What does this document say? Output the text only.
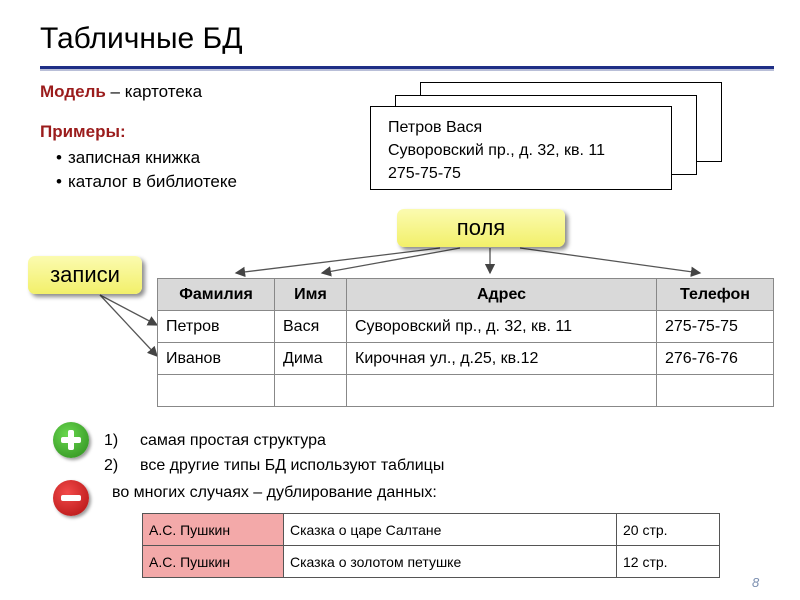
Табличные БД
Модель – картотека
Примеры:
• записная книжка
• каталог в библиотеке
Петров Вася
Суворовский пр., д. 32, кв. 11
275-75-75
поля
записи
Фамилия	Имя	Адрес	Телефон
Петров	Вася	Суворовский пр., д. 32, кв. 11	275-75-75
Иванов	Дима	Кирочная ул., д.25, кв.12	276-76-76

1) самая простая структура
2) все другие типы БД используют таблицы
во многих случаях – дублирование данных:
А.С. Пушкин	Сказка о царе Салтане	20 стр.
А.С. Пушкин	Сказка о золотом петушке	12 стр.
8
